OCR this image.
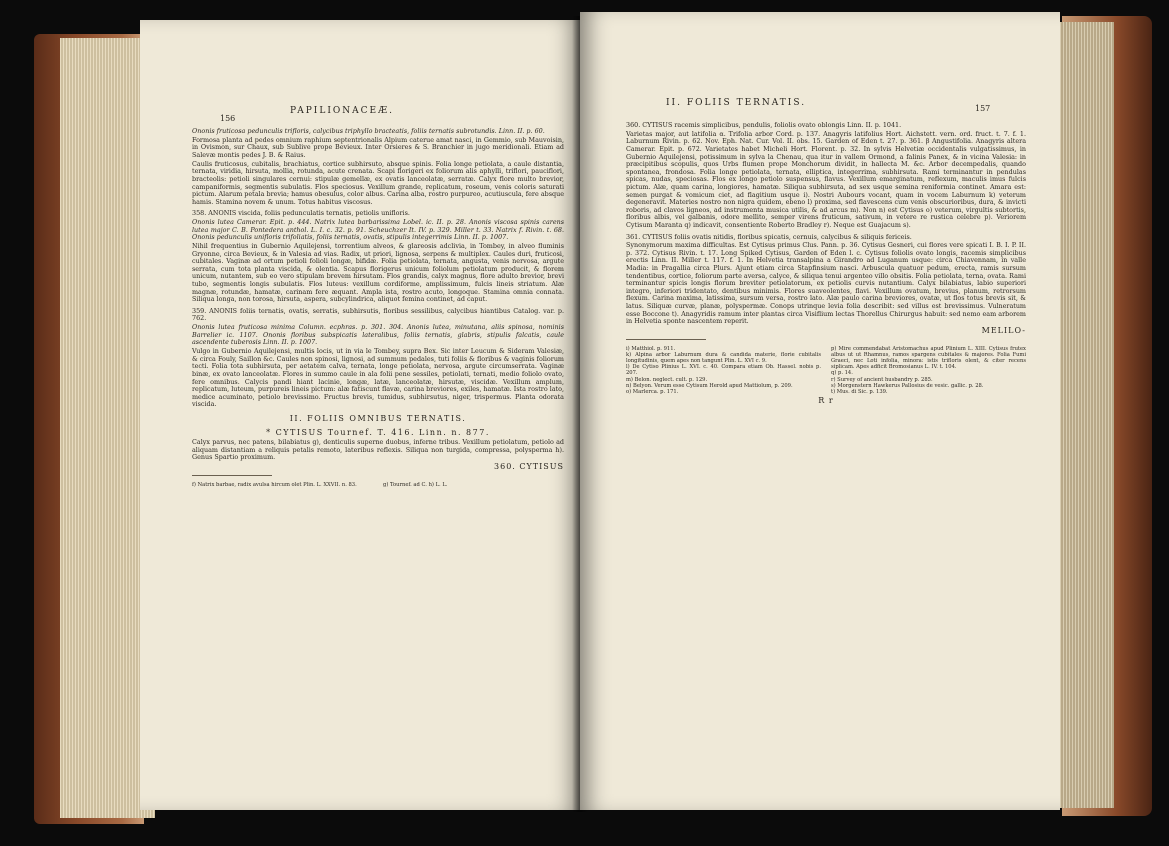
156
PAPILIONACEÆ.

Ononis fruticosa pedunculis trifloris, calycibus triphyllo bracteatis, foliis ternatis subrotundis. Linn. II. p. 60.

Formosa planta ad pedes omnium raphium septentrionalis Alpium caterue amat nasci, in Gemmio, sub Mauvoisin, in Ovismon, sur Chaux, sub Sublive prope Bevieux. Inter Orsieres & S. Branchier in jugo meridionali. Etiam ad Salevæ montis pedes J. B. & Raius.

Caulis fruticosus, cubitalis, brachiatus, cortice subhirsuto, absque spinis. Folia longe petiolata, a caule distantia, ternata, viridia, hirsuta, mollia, rotunda, acute crenata. Scapi florigeri ex foliorum alis aphylli, triflori, pauciflori, bracteolis: petioli singulares cernui: stipulæ gemellæ, ex ovatis lanceolatæ, serratæ. Calyx flore multo brevior, campaniformis, segmentis subulatis. Flos speciosus. Vexillum grande, replicatum, roseum, venis coloris saturati pictum. Alarum petala brevia; hamus obesulus, color albus. Carina alba, rostro purpureo, acutiuscula, fere absque hamis. Stamina novem & unum. Totus habitus viscosus.

358. ANONIS viscida, foliis pedunculatis ternatis, petiolis unifloris.

Ononis lutea Camerar. Epit. p. 444. Natrix lutea barbarissima Lobel. ic. II. p. 28. Anonis viscosa spinis carens lutea major C. B. Pontedera anthol. L. I. c. 32. p. 91. Scheuchzer It. IV. p. 329. Miller t. 33. Natrix f. Rivin. t. 68. Ononis pedunculis unifloris trifoliatis, foliis ternatis, ovatis, stipulis integerrimis Linn. II. p. 1007.

Nihil frequentius in Gubernio Aquilejensi, torrentium alveos, & glareosis adclivia, in Tombey, in alveo fluminis Gryonne, circa Bevieux, & in Valesia ad vias. Radix, ut priori, lignosa, serpens & multiplex. Caules duri, fruticosi, cubitales. Vaginæ ad ortum petioli folioli longæ, bifidæ. Folia petiolata, ternata, angusta, venis nervosa, argute serrata, cum tota planta viscida, & olentia. Scapus florigerus unicum foliolum petiolatum producit, & florem unicum, nutantem, sub eo vero stipulam brevem hirsutam. Flos grandis, calyx magnus, flore adulto brevior, brevi tubo, segmentis longis subulatis. Flos luteus: vexillum cordiforme, amplissimum, fulcis lineis striatum. Alæ magnæ, rotundæ, hamatæ, carinam fere æquant. Ampla ista, rostro acuto, longoque. Stamina omnia connata. Siliqua longa, non torosa, hirsuta, aspera, subcylindrica, aliquot femina continet, ad caput.

359. ANONIS foliis ternatis, ovatis, serratis, subhirsutis, floribus sessilibus, calycibus hiantibus Catalog. var. p. 762.

Ononis lutea fruticosa minima Column. ecphras. p. 301. 304. Anonis lutea, minutana, aliis spinosa, nominis Barrelier ic. 1107. Ononis floribus subspicatis lateralibus, foliis ternatis, glabris, stipulis falcatis, caule ascendente tuberosis Linn. II. p. 1007.

Vulgo in Gubernio Aquilejensi, multis locis, ut in via le Tombey, supra Bex. Sic inter Leucum & Sideram Valesiæ, & circa Fouly, Saillon &c. Caules non spinosi, lignosi, ad summum pedales, tuti foliis & floribus & vaginis foliorum tecti. Folia tota subhirsuta, per aetatem calva, ternata, longe petiolata, nervosa, argute circumserrata. Vaginæ binæ, ex ovato lanceolatæ. Flores in summo caule in ala folii pene sessiles, petiolati, ternati, medio foliolo ovato, fere omnibus. Calycis pandi hiant lacinie, longæ, latæ, lanceolatæ, hirsutæ, viscidæ. Vexillum amplum, replicatum, luteum, purpureis lineis pictum: alæ fatiscunt flavæ, carina breviores, exiles, hamatæ. Ista rostro lato, medice acuminato, petiolo brevissimo. Fructus brevis, tumidus, subhirsutus, niger, trispermus. Planta odorata viscida.

II. FOLIIS OMNIBUS TERNATIS.
* CYTISUS Tournef. T. 416. Linn. n. 877.

Calyx parvus, nec patens, bilabiatus g), denticulis superne duobus, inferne tribus. Vexillum petiolatum, petiolo ad aliquam distantiam a reliquis petalis remoto, lateribus reflexis. Siliqua non turgida, compressa, polysperma h). Genus Spartio proximum.

360. CYTISUS
f) Natrix barbae, radix avulsa hircum olet Plin. L. XXVII. n. 83.	g) Tournef. ad C. h) L. L.
II. FOLIIS TERNATIS.
157

360. CYTISUS racemis simplicibus, pendulis, foliolis ovato oblongis Linn. II. p. 1041.

Varietas major, aut latifolia α. Trifolia arbor Cord. p. 137. Anagyris latifolius Hort. Aichstett. vern. ord. fruct. t. 7. f. 1. Laburnum Rivin. p. 62. Nov. Eph. Nat. Cur. Vol. II. obs. 15. Garden of Eden t. 27. p. 361. β Angustifolia. Anagyris altera Camerar. Epit. p. 672. Varietates habet Micheli Hort. Florent. p. 32. In sylvis Helvetiæ occidentalis vulgatissimus, in Gubernio Aquilejensi, potissimum in sylva la Chenau, qua itur in vallem Ormond, a falinis Panex, & in vicina Valesia: in præcipitibus scopulis, quos Urbs flumen prope Monchorum dividit, in hallecta M. &c. Arbor decempedalis, quando spontanea, frondosa. Folia longe petiolata, ternata, elliptica, integerrima, subhirsuta. Rami terminantur in pendulas spicas, nudas, speciosas. Flos ex longo petiolo suspensus, flavus. Vexillum emarginatum, reflexum, maculis imus fulcis pictum. Alæ, quam carina, longiores, hamatæ. Siliqua subhirsuta, ad sex usque semina reniformia continet. Amara est: semen purgat & vomicum ciet, ad flagitium usque i). Nostri Aubours vocant, quam in vocem Laburnum k) veterum degeneravit. Materies nostro non nigra quidem, ebeno l) proxima, sed flavescens cum venis obscurioribus, dura, & invicti roboris, ad clavos ligneos, ad instrumenta musica utilis, & ad arcus m). Non n) est Cytisus o) veterum, virgultis subtortis, floribus albis, vel galbanis, odore mellito, semper virens fruticum, sativum, in vetere re rustica celebre p). Veriorem Cytisum Maranta q) indicavit, consentiente Roberto Bradley r). Neque est Guajacum s).

361. CYTISUS foliis ovatis nitidis, floribus spicatis, cernuis, calycibus & siliquis fericeis.

Synonymorum maxima difficultas. Est Cytisus primus Clus. Pann. p. 36. Cytisus Gesneri, cui flores vere spicati I. B. I. P. II. p. 372. Cytisus Rivin. t. 17. Long Spiked Cytisus, Garden of Eden l. c. Cytisus foliolis ovato longis, racemis simplicibus erectis Linn. II. Miller t. 117. f. 1. In Helvetia transalpina a Girandro ad Luganum usque: circa Chiavennam, in valle Madia: in Pragallia circa Plurs. Ajunt etiam circa Stapfinsium nasci. Arbuscula quatuor pedum, erecta, ramis sursum tendentibus, cortice, foliorum parte aversa, calyce, & siliqua tenui argenteo villo obsitis. Folia petiolata, terna, ovata. Rami terminantur spicis longis florum breviter petiolatorum, ex petiolis curvis nutantium. Calyx bilabiatus, labio superiori integro, inferiori tridentato, dentibus minimis. Flores suaveolentes, flavi. Vexillum ovatum, brevius, planum, retrorsum flexum. Carina maxima, latissima, sursum versa, rostro lato. Alæ paulo carina breviores, ovatæ, ut flos totus brevis sit, & latus. Siliquæ curvæ, planæ, polyspermæ. Conops utrinque levia folia describit: sed villus est brevissimus. Vulneratum esse Boccone t). Anagyridis ramum inter plantas circa Visiflium lectas Thorellus Chirurgus habuit: sed nemo eam arborem in Helvetia sponte nascentem reperit.

MELILO-
i) Matthiol. p. 911.
k) Alpina arbor Laburnum dura & candida materie, florie cubitalis longitudinis, quem apes non tangunt Plin. L. XVI c. 9.
l) De Cytiso Plinius L. XVI. c. 40. Compara etiam Ob. Hassel. nobis p. 207.
m) Belon. neglect. cult. p. 129.
n) Belyon. Verum esse Cytisum Herold apud Mattiolum, p. 209.
o) Marlerca. p. 171.
p) Mire commendabat Aristomachus apud Plinium L. XIII. Cytisus frutex albus ut ut Rhamnus, ramos spargens cubitales & majores. Folia Fumi Graeci, nec Loti infolia, minora: istis trifloris olent, & citer recens siplicam. Apes adficit Bromosianus L. IV. t. 104.
q) p. 14.
r) Survey of ancient husbandry p. 285.
s) Morgenstern Hawkerus Pallosius de vesic. gallic. p. 28.
t) Mus. di Sic. p. 139.
R r
